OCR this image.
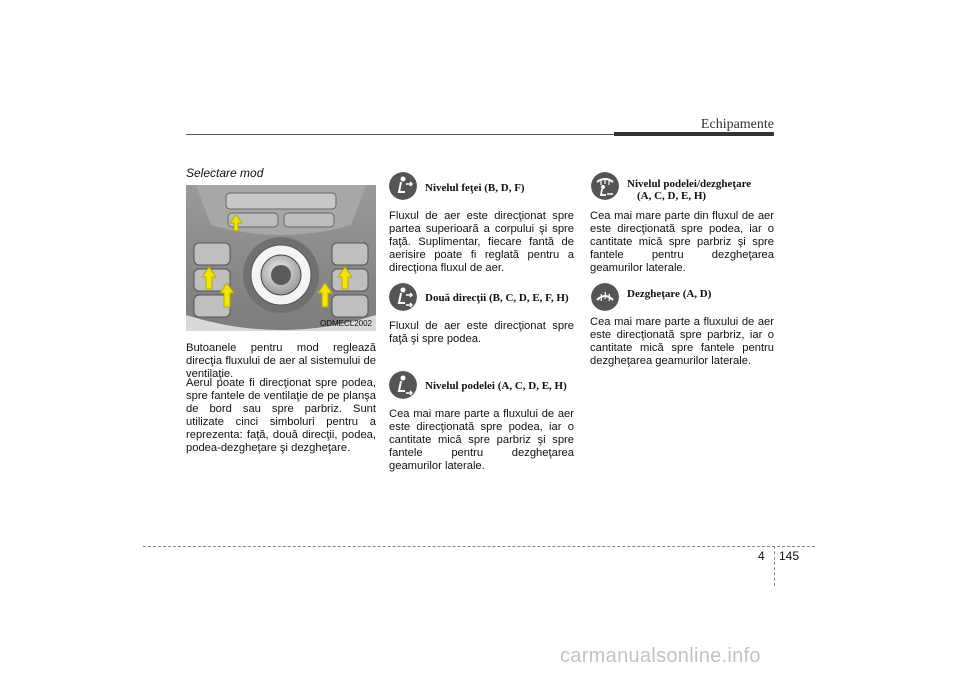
Echipamente
Selectare mod
ODMECL2002

Butoanele pentru mod reglează direcţia fluxului de aer al sistemului de ventilaţie.

Aerul poate fi direcţionat spre podea, spre fantele de ventilaţie de pe planşa de bord sau spre parbriz. Sunt utilizate cinci simboluri pentru a reprezenta: faţă, două direcţii, podea, podea-dezgheţare şi dezgheţare.

Nivelul feţei (B, D, F)

Fluxul de aer este direcţionat spre partea superioară a corpului şi spre faţă. Suplimentar, fiecare fantă de aerisire poate fi reglată pentru a direcţiona fluxul de aer.

Două direcţii (B, C, D, E, F, H)

Fluxul de aer este direcţionat spre faţă şi spre podea.

Nivelul podelei (A, C, D, E, H)

Cea mai mare parte a fluxului de aer este direcţionată spre podea, iar o cantitate mică spre parbriz şi spre fantele pentru dezgheţarea geamurilor laterale.

Nivelul podelei/dezgheţare
(A, C, D, E, H)

Cea mai mare parte din fluxul de aer este direcţionată spre podea, iar o cantitate mică spre parbriz şi spre fantele pentru dezgheţarea geamurilor laterale.

Dezgheţare (A, D)

Cea mai mare parte a fluxului de aer este direcţionată spre parbriz, iar o cantitate mică spre fantele pentru dezgheţarea geamurilor laterale.

4 145
carmanualsonline.info
